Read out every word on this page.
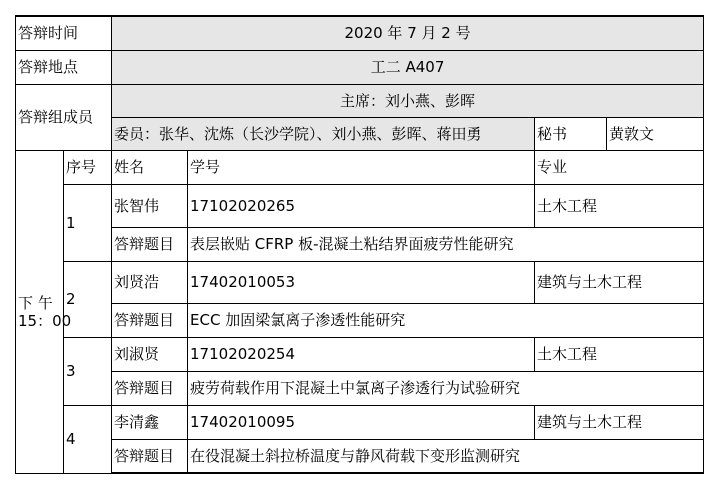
答辩时间		2020 年 7 月 2 号			
答辩地点		工二 A407			
答辩组成员		主席：刘小燕、彭晖			
		委员：张华、沈炼（长沙学院）、刘小燕、彭晖、蒋田勇		秘书	黄敦文
下 午
15：00	序号	姓名	学号	专业	
	1	张智伟	17102020265	土木工程	
		答辩题目	表层嵌贴 CFRP 板-混凝土粘结界面疲劳性能研究		
	2	刘贤浩	17402010053	建筑与土木工程	
		答辩题目	ECC 加固梁氯离子渗透性能研究		
	3	刘淑贤	17102020254	土木工程	
		答辩题目	疲劳荷载作用下混凝土中氯离子渗透行为试验研究		
	4	李清鑫	17402010095	建筑与土木工程	
		答辩题目	在役混凝土斜拉桥温度与静风荷载下变形监测研究		
